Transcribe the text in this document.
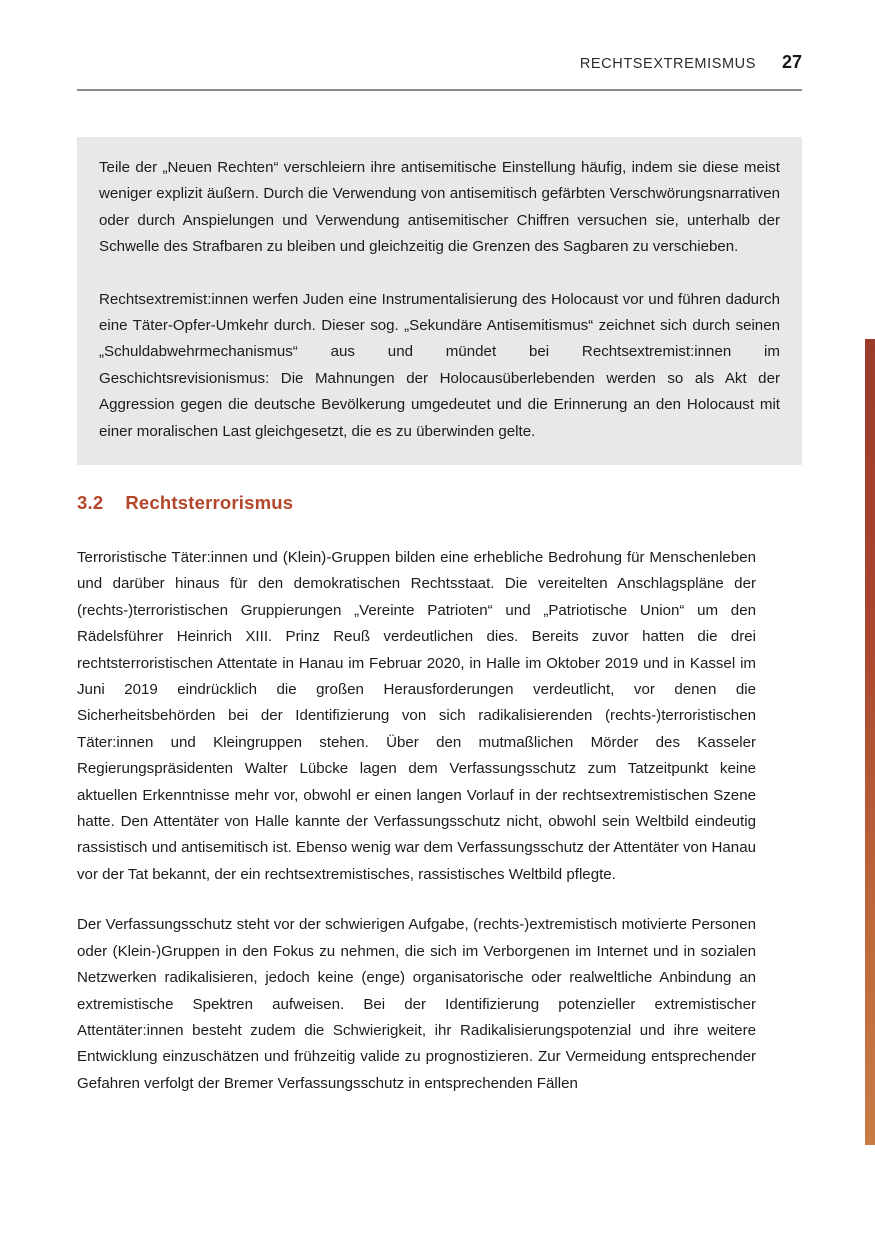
RECHTSEXTREMISMUS 27

Teile der „Neuen Rechten“ verschleiern ihre antisemitische Einstellung häufig, indem sie diese meist weniger explizit äußern. Durch die Verwendung von antisemitisch gefärbten Verschwörungsnarrativen oder durch Anspielungen und Verwendung antisemitischer Chiffren versuchen sie, unterhalb der Schwelle des Strafbaren zu bleiben und gleichzeitig die Grenzen des Sagbaren zu verschieben.

Rechtsextremist:innen werfen Juden eine Instrumentalisierung des Holocaust vor und führen dadurch eine Täter-Opfer-Umkehr durch. Dieser sog. „Sekundäre Antisemitismus“ zeichnet sich durch seinen „Schuldabwehrmechanismus“ aus und mündet bei Rechtsextremist:innen im Geschichtsrevisionismus: Die Mahnungen der Holocausüberlebenden werden so als Akt der Aggression gegen die deutsche Bevölkerung umgedeutet und die Erinnerung an den Holocaust mit einer moralischen Last gleichgesetzt, die es zu überwinden gelte.

3.2 Rechtsterrorismus

Terroristische Täter:innen und (Klein)-Gruppen bilden eine erhebliche Bedrohung für Menschenleben und darüber hinaus für den demokratischen Rechtsstaat. Die vereitelten Anschlagspläne der (rechts-)terroristischen Gruppierungen „Vereinte Patrioten“ und „Patriotische Union“ um den Rädelsführer Heinrich XIII. Prinz Reuß verdeutlichen dies. Bereits zuvor hatten die drei rechtsterroristischen Attentate in Hanau im Februar 2020, in Halle im Oktober 2019 und in Kassel im Juni 2019 eindrücklich die großen Herausforderungen verdeutlicht, vor denen die Sicherheitsbehörden bei der Identifizierung von sich radikalisierenden (rechts-)terroristischen Täter:innen und Kleingruppen stehen. Über den mutmaßlichen Mörder des Kasseler Regierungspräsidenten Walter Lübcke lagen dem Verfassungsschutz zum Tatzeitpunkt keine aktuellen Erkenntnisse mehr vor, obwohl er einen langen Vorlauf in der rechtsextremistischen Szene hatte. Den Attentäter von Halle kannte der Verfassungsschutz nicht, obwohl sein Weltbild eindeutig rassistisch und antisemitisch ist. Ebenso wenig war dem Verfassungsschutz der Attentäter von Hanau vor der Tat bekannt, der ein rechtsextremistisches, rassistisches Weltbild pflegte.

Der Verfassungsschutz steht vor der schwierigen Aufgabe, (rechts-)extremistisch motivierte Personen oder (Klein-)Gruppen in den Fokus zu nehmen, die sich im Verborgenen im Internet und in sozialen Netzwerken radikalisieren, jedoch keine (enge) organisatorische oder realweltliche Anbindung an extremistische Spektren aufweisen. Bei der Identifizierung potenzieller extremistischer Attentäter:innen besteht zudem die Schwierigkeit, ihr Radikalisierungspotenzial und ihre weitere Entwicklung einzuschätzen und frühzeitig valide zu prognostizieren. Zur Vermeidung entsprechender Gefahren verfolgt der Bremer Verfassungsschutz in entsprechenden Fällen
